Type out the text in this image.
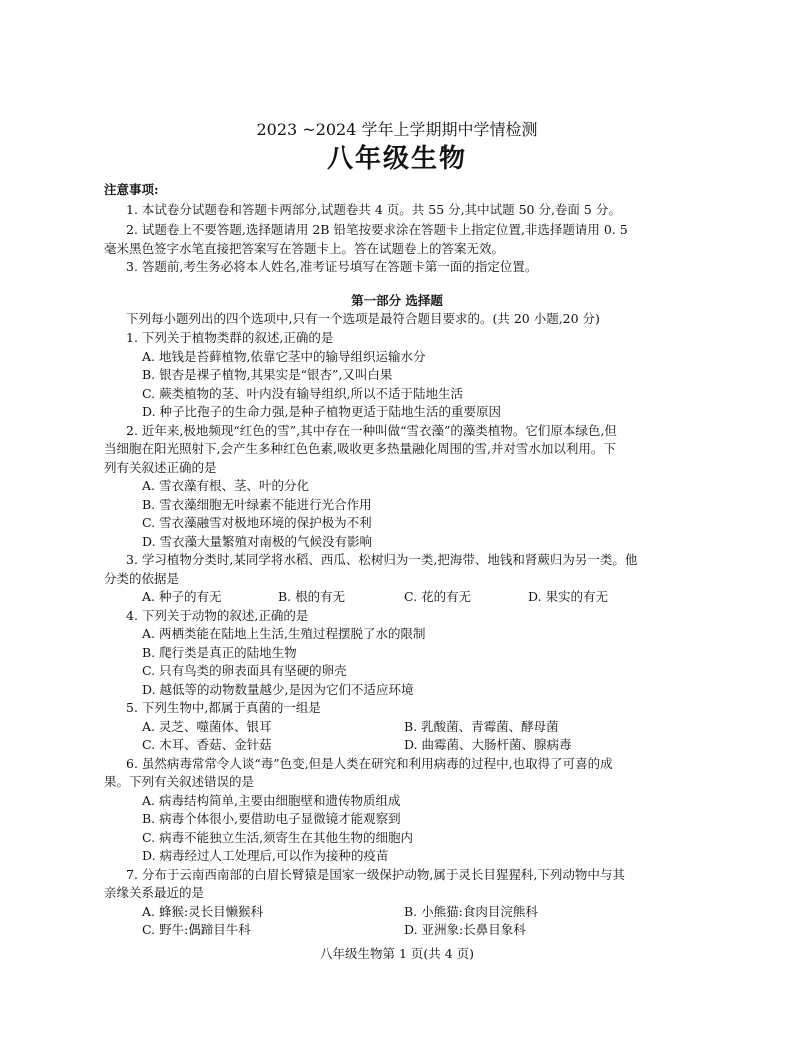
2023 ~2024 学年上学期期中学情检测
八年级生物
注意事项:
1. 本试卷分试题卷和答题卡两部分,试题卷共 4 页。共 55 分,其中试题 50 分,卷面 5 分。
2. 试题卷上不要答题,选择题请用 2B 铅笔按要求涂在答题卡上指定位置,非选择题请用 0. 5
毫米黑色签字水笔直接把答案写在答题卡上。答在试题卷上的答案无效。
3. 答题前,考生务必将本人姓名,准考证号填写在答题卡第一面的指定位置。
第一部分 选择题
下列每小题列出的四个选项中,只有一个选项是最符合题目要求的。(共 20 小题,20 分)
1. 下列关于植物类群的叙述,正确的是
A. 地钱是苔藓植物,依靠它茎中的输导组织运输水分
B. 银杏是裸子植物,其果实是“银杏”,又叫白果
C. 蕨类植物的茎、叶内没有输导组织,所以不适于陆地生活
D. 种子比孢子的生命力强,是种子植物更适于陆地生活的重要原因
2. 近年来,极地频现“红色的雪”,其中存在一种叫做“雪衣藻”的藻类植物。它们原本绿色,但
当细胞在阳光照射下,会产生多种红色色素,吸收更多热量融化周围的雪,并对雪水加以利用。下
列有关叙述正确的是
A. 雪衣藻有根、茎、叶的分化
B. 雪衣藻细胞无叶绿素不能进行光合作用
C. 雪衣藻融雪对极地环境的保护极为不利
D. 雪衣藻大量繁殖对南极的气候没有影响
3. 学习植物分类时,某同学将水稻、西瓜、松树归为一类,把海带、地钱和肾蕨归为另一类。他
分类的依据是
A. 种子的有无	B. 根的有无	C. 花的有无	D. 果实的有无
4. 下列关于动物的叙述,正确的是
A. 两栖类能在陆地上生活,生殖过程摆脱了水的限制
B. 爬行类是真正的陆地生物
C. 只有鸟类的卵表面具有坚硬的卵壳
D. 越低等的动物数量越少,是因为它们不适应环境
5. 下列生物中,都属于真菌的一组是
A. 灵芝、噬菌体、银耳	B. 乳酸菌、青霉菌、酵母菌
C. 木耳、香菇、金针菇	D. 曲霉菌、大肠杆菌、腺病毒
6. 虽然病毒常常令人谈“毒”色变,但是人类在研究和利用病毒的过程中,也取得了可喜的成
果。下列有关叙述错误的是
A. 病毒结构简单,主要由细胞壁和遗传物质组成
B. 病毒个体很小,要借助电子显微镜才能观察到
C. 病毒不能独立生活,须寄生在其他生物的细胞内
D. 病毒经过人工处理后,可以作为接种的疫苗
7. 分布于云南西南部的白眉长臂猿是国家一级保护动物,属于灵长目猩猩科,下列动物中与其
亲缘关系最近的是
A. 蜂猴:灵长目懒猴科	B. 小熊猫:食肉目浣熊科
C. 野牛:偶蹄目牛科	D. 亚洲象:长鼻目象科
八年级生物第 1 页(共 4 页)
